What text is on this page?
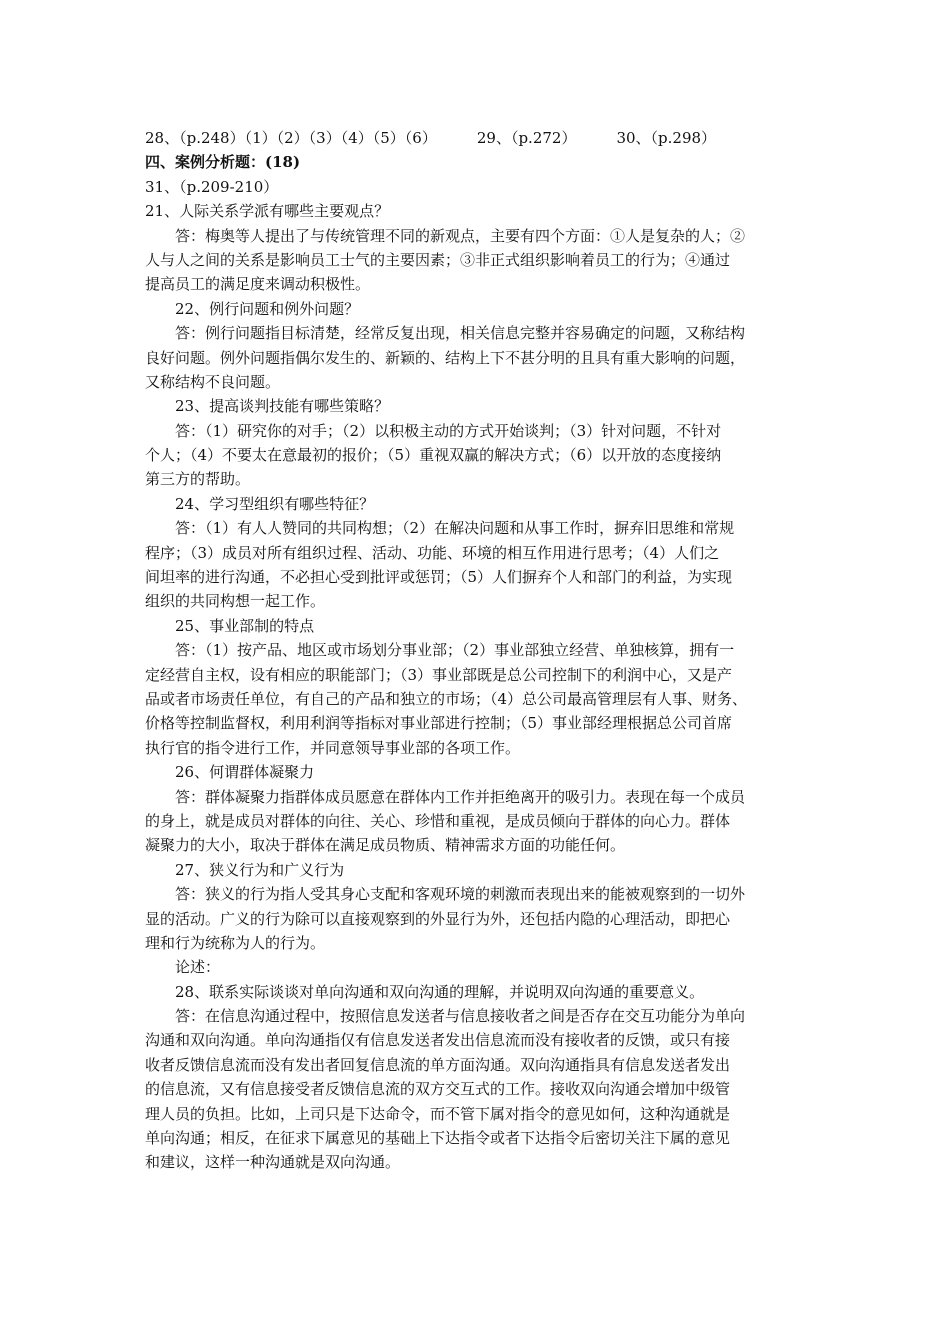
28、（p.248）（1）（2）（3）（4）（5）（6）	29、（p.272）	30、（p.298）
四、案例分析题：(18)
31、（p.209-210）
21、人际关系学派有哪些主要观点？
答：梅奥等人提出了与传统管理不同的新观点，主要有四个方面：①人是复杂的人；②
人与人之间的关系是影响员工士气的主要因素；③非正式组织影响着员工的行为；④通过
提高员工的满足度来调动积极性。
22、例行问题和例外问题？
答：例行问题指目标清楚，经常反复出现，相关信息完整并容易确定的问题，又称结构
良好问题。例外问题指偶尔发生的、新颖的、结构上下不甚分明的且具有重大影响的问题，
又称结构不良问题。
23、提高谈判技能有哪些策略？
答：（1）研究你的对手；（2）以积极主动的方式开始谈判；（3）针对问题，不针对
个人；（4）不要太在意最初的报价；（5）重视双赢的解决方式；（6）以开放的态度接纳
第三方的帮助。
24、学习型组织有哪些特征？
答：（1）有人人赞同的共同构想；（2）在解决问题和从事工作时，摒弃旧思维和常规
程序；（3）成员对所有组织过程、活动、功能、环境的相互作用进行思考；（4）人们之
间坦率的进行沟通，不必担心受到批评或惩罚；（5）人们摒弃个人和部门的利益，为实现
组织的共同构想一起工作。
25、事业部制的特点
答：（1）按产品、地区或市场划分事业部；（2）事业部独立经营、单独核算，拥有一
定经营自主权，设有相应的职能部门；（3）事业部既是总公司控制下的利润中心，又是产
品或者市场责任单位，有自己的产品和独立的市场；（4）总公司最高管理层有人事、财务、
价格等控制监督权，利用利润等指标对事业部进行控制；（5）事业部经理根据总公司首席
执行官的指令进行工作，并同意领导事业部的各项工作。
26、何谓群体凝聚力
答：群体凝聚力指群体成员愿意在群体内工作并拒绝离开的吸引力。表现在每一个成员
的身上，就是成员对群体的向往、关心、珍惜和重视，是成员倾向于群体的向心力。群体
凝聚力的大小，取决于群体在满足成员物质、精神需求方面的功能任何。
27、狭义行为和广义行为
答：狭义的行为指人受其身心支配和客观环境的刺激而表现出来的能被观察到的一切外
显的活动。广义的行为除可以直接观察到的外显行为外，还包括内隐的心理活动，即把心
理和行为统称为人的行为。
论述：
28、联系实际谈谈对单向沟通和双向沟通的理解，并说明双向沟通的重要意义。
答：在信息沟通过程中，按照信息发送者与信息接收者之间是否存在交互功能分为单向
沟通和双向沟通。单向沟通指仅有信息发送者发出信息流而没有接收者的反馈，或只有接
收者反馈信息流而没有发出者回复信息流的单方面沟通。双向沟通指具有信息发送者发出
的信息流，又有信息接受者反馈信息流的双方交互式的工作。接收双向沟通会增加中级管
理人员的负担。比如，上司只是下达命令，而不管下属对指令的意见如何，这种沟通就是
单向沟通；相反，在征求下属意见的基础上下达指令或者下达指令后密切关注下属的意见
和建议，这样一种沟通就是双向沟通。
